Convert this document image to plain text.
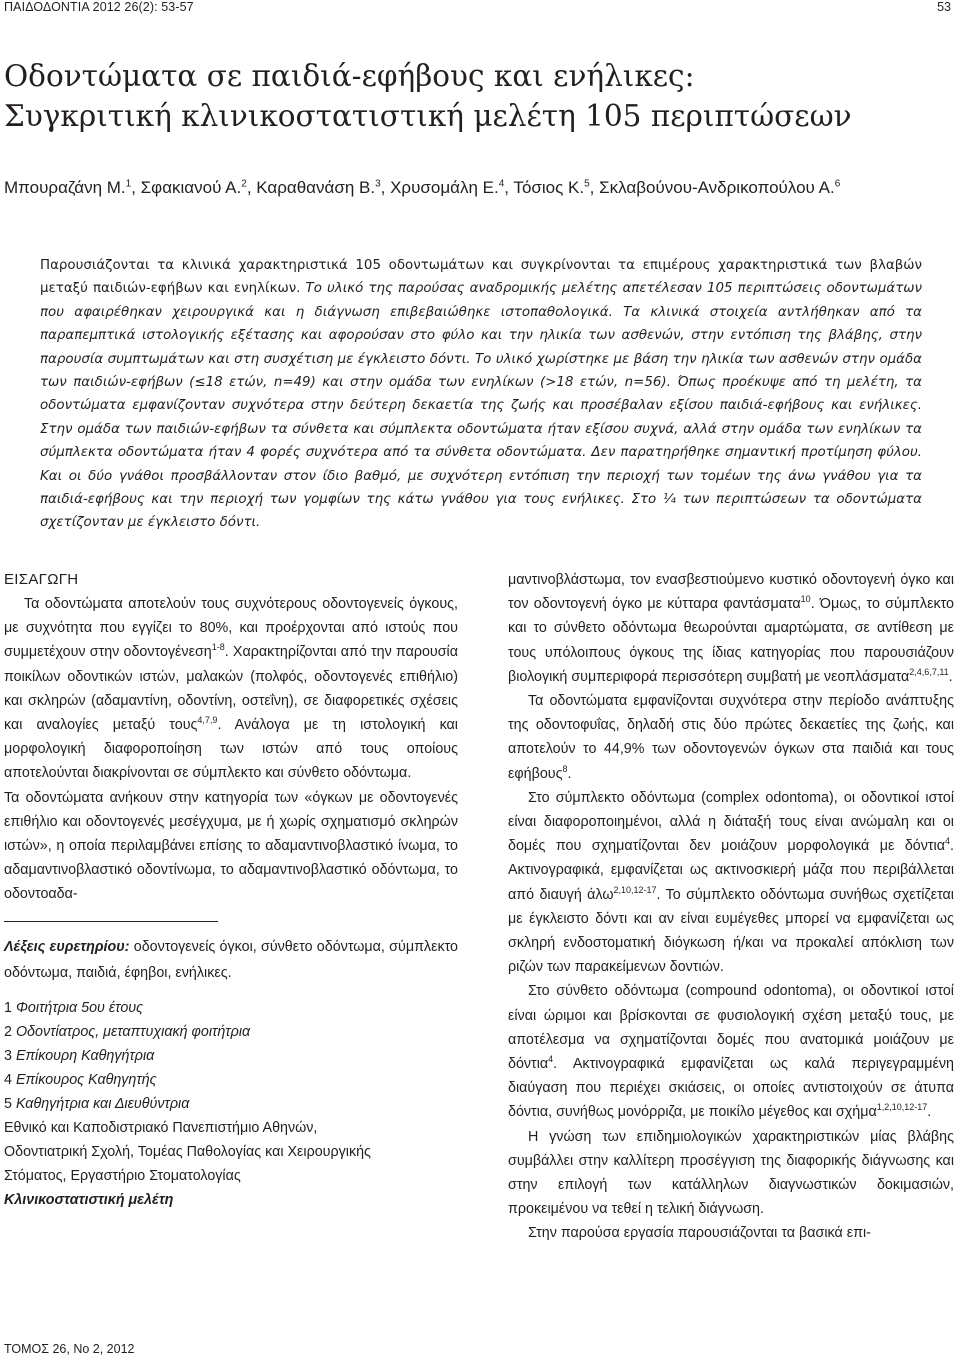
ΠΑΙΔΟΔΟΝΤΙΑ 2012 26(2): 53-57	53
Οδοντώματα σε παιδιά-εφήβους και ενήλικες:
Συγκριτική κλινικοστατιστική μελέτη 105 περιπτώσεων
Μπουραζάνη Μ.$^1$, Σφακιανού Α.$^2$, Καραθανάση Β.$^3$, Χρυσομάλη Ε.$^4$, Τόσιος Κ.$^5$, Σκλαβούνου-Ανδρικοπούλου Α.$^6$

Παρουσιάζονται τα κλινικά χαρακτηριστικά 105 οδοντωμάτων και συγκρίνονται τα επιμέρους χαρακτηριστικά των βλαβών μεταξύ παιδιών-εφήβων και ενηλίκων. Το υλικό της παρούσας αναδρομικής μελέτης απετέλεσαν 105 περιπτώσεις οδοντωμάτων που αφαιρέθηκαν χειρουργικά και η διάγνωση επιβεβαιώθηκε ιστοπαθολογικά. Τα κλινικά στοιχεία αντλήθηκαν από τα παραπεμπτικά ιστολογικής εξέτασης και αφορούσαν στο φύλο και την ηλικία των ασθενών, στην εντόπιση της βλάβης, στην παρουσία συμπτωμάτων και στη συσχέτιση με έγκλειστο δόντι. Το υλικό χωρίστηκε με βάση την ηλικία των ασθενών στην ομάδα των παιδιών-εφήβων (≤18 ετών, n=49) και στην ομάδα των ενηλίκων (>18 ετών, n=56). Όπως προέκυψε από τη μελέτη, τα οδοντώματα εμφανίζονταν συχνότερα στην δεύτερη δεκαετία της ζωής και προσέβαλαν εξίσου παιδιά-εφήβους και ενήλικες. Στην ομάδα των παιδιών-εφήβων τα σύνθετα και σύμπλεκτα οδοντώματα ήταν εξίσου συχνά, αλλά στην ομάδα των ενηλίκων τα σύμπλεκτα οδοντώματα ήταν 4 φορές συχνότερα από τα σύνθετα οδοντώματα. Δεν παρατηρήθηκε σημαντική προτίμηση φύλου. Και οι δύο γνάθοι προσβάλλονταν στον ίδιο βαθμό, με συχνότερη εντόπιση την περιοχή των τομέων της άνω γνάθου για τα παιδιά-εφήβους και την περιοχή των γομφίων της κάτω γνάθου για τους ενήλικες. Στο ¼ των περιπτώσεων τα οδοντώματα σχετίζονταν με έγκλειστο δόντι.

ΕΙΣΑΓΩΓΗ

Τα οδοντώματα αποτελούν τους συχνότερους οδοντογενείς όγκους, με συχνότητα που εγγίζει το 80%, και προέρχονται από ιστούς που συμμετέχουν στην οδοντογένεση$^{1-8}$. Χαρακτηρίζονται από την παρουσία ποικίλων οδοντικών ιστών, μαλακών (πολφός, οδοντογενές επιθήλιο) και σκληρών (αδαμαντίνη, οδοντίνη, οστεΐνη), σε διαφορετικές σχέσεις και αναλογίες μεταξύ τους$^{4,7,9}$. Ανάλογα με τη ιστολογική και μορφολογική διαφοροποίηση των ιστών από τους οποίους αποτελούνται διακρίνονται σε σύμπλεκτο και σύνθετο οδόντωμα.

Τα οδοντώματα ανήκουν στην κατηγορία των «όγκων με οδοντογενές επιθήλιο και οδοντογενές μεσέγχυμα, με ή χωρίς σχηματισμό σκληρών ιστών», η οποία περιλαμβάνει επίσης το αδαμαντινοβλαστικό ίνωμα, το αδαμαντινοβλαστικό οδοντίνωμα, το αδαμαντινοβλαστικό οδόντωμα, το οδοντοαδα-

Λέξεις ευρετηρίου: οδοντογενείς όγκοι, σύνθετο οδόντωμα, σύμπλεκτο οδόντωμα, παιδιά, έφηβοι, ενήλικες.

1 Φοιτήτρια 5ου έτους
2 Οδοντίατρος, μεταπτυχιακή φοιτήτρια
3 Επίκουρη Καθηγήτρια
4 Επίκουρος Καθηγητής
5 Καθηγήτρια και Διευθύντρια

Εθνικό και Καποδιστριακό Πανεπιστήμιο Αθηνών,
Οδοντιατρική Σχολή, Τομέας Παθολογίας και Χειρουργικής
Στόματος, Εργαστήριο Στοματολογίας

Κλινικοστατιστική μελέτη

μαντινοβλάστωμα, τον ενασβεστιούμενο κυστικό οδοντογενή όγκο και τον οδοντογενή όγκο με κύτταρα φαντάσματα$^{10}$. Όμως, το σύμπλεκτο και το σύνθετο οδόντωμα θεωρούνται αμαρτώματα, σε αντίθεση με τους υπόλοιπους όγκους της ίδιας κατηγορίας που παρουσιάζουν βιολογική συμπεριφορά περισσότερη συμβατή με νεοπλάσματα$^{2,4,6,7,11}$.

Τα οδοντώματα εμφανίζονται συχνότερα στην περίοδο ανάπτυξης της οδοντοφυΐας, δηλαδή στις δύο πρώτες δεκαετίες της ζωής, και αποτελούν το 44,9% των οδοντογενών όγκων στα παιδιά και τους εφήβους$^8$.

Στο σύμπλεκτο οδόντωμα (complex odontoma), οι οδοντικοί ιστοί είναι διαφοροποιημένοι, αλλά η διάταξή τους είναι ανώμαλη και οι δομές που σχηματίζονται δεν μοιάζουν μορφολογικά με δόντια$^4$. Ακτινογραφικά, εμφανίζεται ως ακτινοσκιερή μάζα που περιβάλλεται από διαυγή άλω$^{2,10,12-17}$. Το σύμπλεκτο οδόντωμα συνήθως σχετίζεται με έγκλειστο δόντι και αν είναι ευμέγεθες μπορεί να εμφανίζεται ως σκληρή ενδοστοματική διόγκωση ή/και να προκαλεί απόκλιση των ριζών των παρακείμενων δοντιών.

Στο σύνθετο οδόντωμα (compound odontoma), οι οδοντικοί ιστοί είναι ώριμοι και βρίσκονται σε φυσιολογική σχέση μεταξύ τους, με αποτέλεσμα να σχηματίζονται δομές που ανατομικά μοιάζουν με δόντια$^4$. Ακτινογραφικά εμφανίζεται ως καλά περιγεγραμμένη διαύγαση που περιέχει σκιάσεις, οι οποίες αντιστοιχούν σε άτυπα δόντια, συνήθως μονόρριζα, με ποικίλο μέγεθος και σχήμα$^{1,2,10,12-17}$.

Η γνώση των επιδημιολογικών χαρακτηριστικών μίας βλάβης συμβάλλει στην καλλίτερη προσέγγιση της διαφορικής διάγνωσης και στην επιλογή των κατάλληλων διαγνωστικών δοκιμασιών, προκειμένου να τεθεί η τελική διάγνωση.

Στην παρούσα εργασία παρουσιάζονται τα βασικά επι-

ΤΟΜΟΣ 26, Νο 2, 2012
